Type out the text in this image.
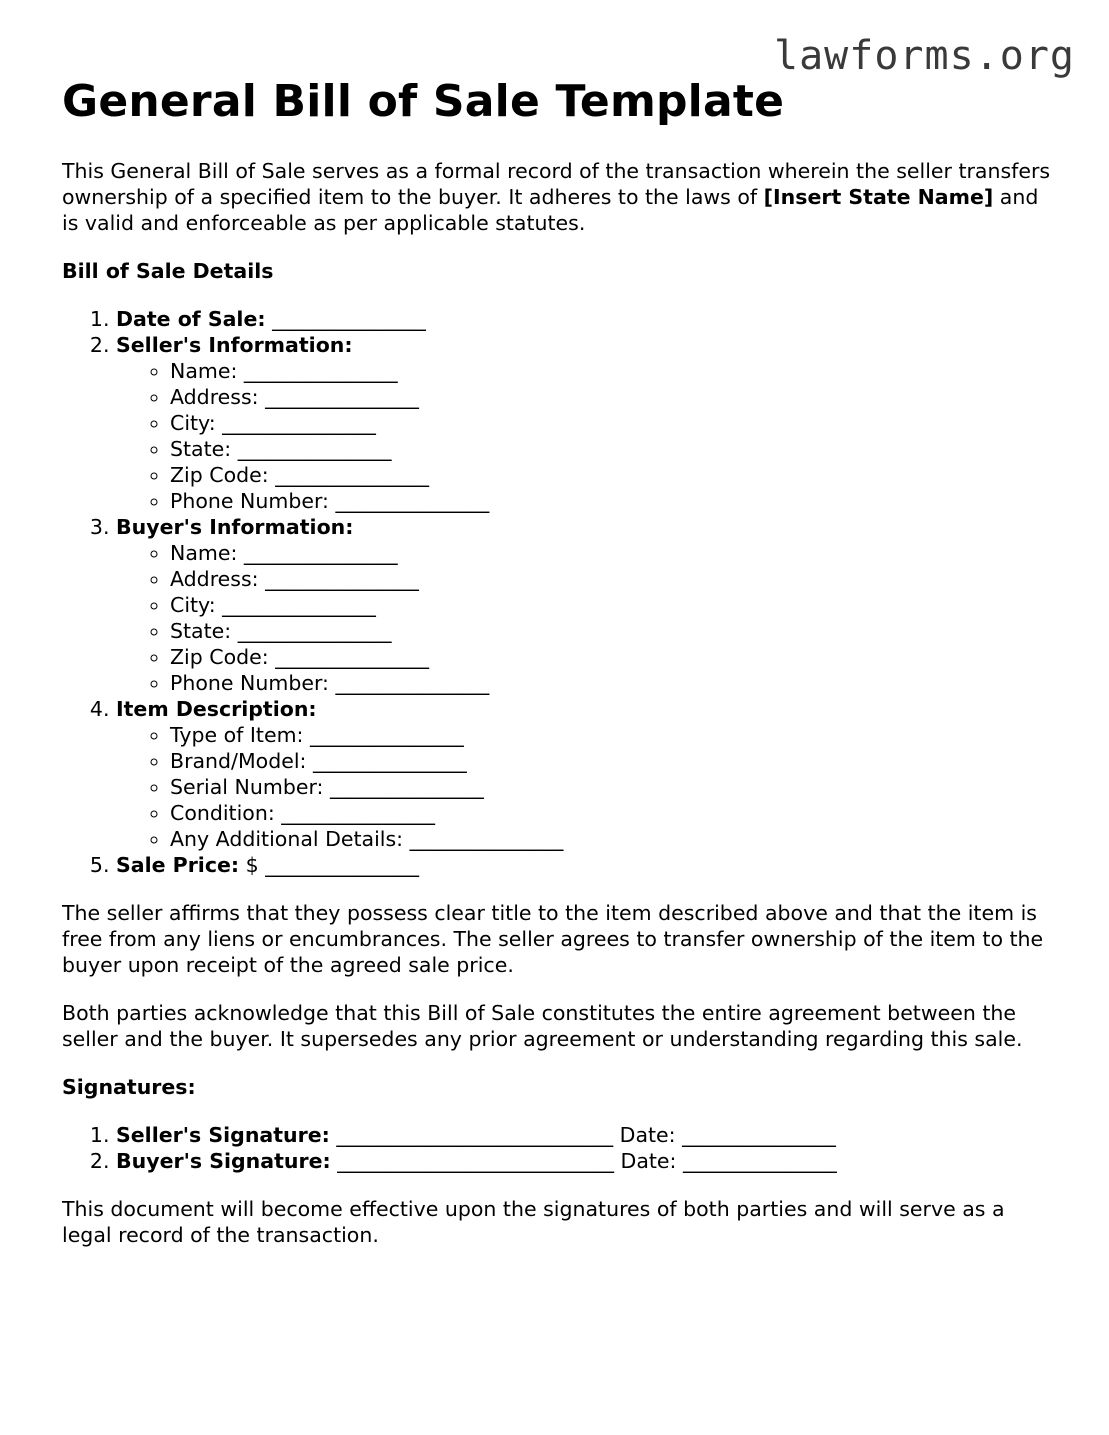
lawforms.org
General Bill of Sale Template

This General Bill of Sale serves as a formal record of the transaction wherein the seller transfers ownership of a specified item to the buyer. It adheres to the laws of [Insert State Name] and is valid and enforceable as per applicable statutes.

Bill of Sale Details
1. Date of Sale: _______________
2. Seller's Information:
◦ Name: _______________
◦ Address: _______________
◦ City: _______________
◦ State: _______________
◦ Zip Code: _______________
◦ Phone Number: _______________
3. Buyer's Information:
◦ Name: _______________
◦ Address: _______________
◦ City: _______________
◦ State: _______________
◦ Zip Code: _______________
◦ Phone Number: _______________
4. Item Description:
◦ Type of Item: _______________
◦ Brand/Model: _______________
◦ Serial Number: _______________
◦ Condition: _______________
◦ Any Additional Details: _______________
5. Sale Price: $ _______________

The seller affirms that they possess clear title to the item described above and that the item is free from any liens or encumbrances. The seller agrees to transfer ownership of the item to the buyer upon receipt of the agreed sale price.

Both parties acknowledge that this Bill of Sale constitutes the entire agreement between the seller and the buyer. It supersedes any prior agreement or understanding regarding this sale.

Signatures:
1. Seller's Signature: ___________________________ Date: _______________
2. Buyer's Signature: ___________________________ Date: _______________

This document will become effective upon the signatures of both parties and will serve as a legal record of the transaction.
